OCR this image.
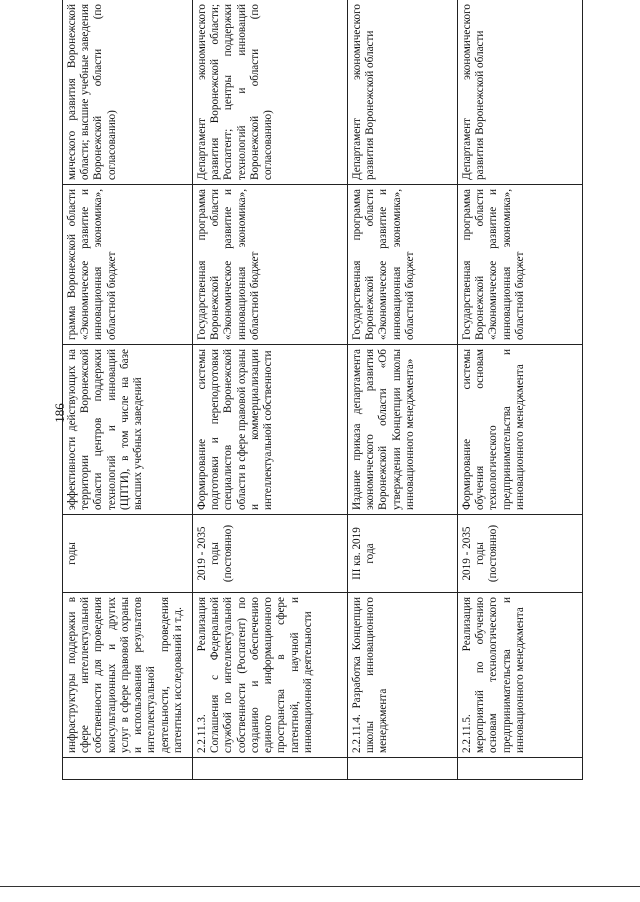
186
	инфраструктуры поддержки в сфере интеллектуальной собственности для проведения консультационных и других услуг в сфере правовой охраны и использования результатов интеллектуальной деятельности, проведения патентных исследований и т.д.	годы	эффективности действующих на территории Воронежской области центров поддержки технологий и инноваций (ЦПТИ), в том числе на базе высших учебных заведений	грамма Воронежской области «Экономическое развитие и инновационная экономика», областной бюджет	мического развития Воронежской области; высшие учебные заведения Воронежской области (по согласованию)
	2.2.11.3. Реализация Соглашения с Федеральной службой по интеллектуальной собственности (Роспатент) по созданию и обеспечению единого информационного пространства в сфере патентной, научной и инновационной деятельности	2019 - 2035 годы (постоянно)	Формирование системы подготовки и переподготовки специалистов Воронежской области в сфере правовой охраны и коммерциализации интеллектуальной собственности	Государственная программа Воронежской области «Экономическое развитие и инновационная экономика», областной бюджет	Департамент экономического развития Воронежской области; Роспатент; центры поддержки технологий и инноваций Воронежской области (по согласованию)
	2.2.11.4. Разработка Концепции школы инновационного менеджмента	III кв. 2019 года	Издание приказа департамента экономического развития Воронежской области «Об утверждении Концепции школы инновационного менеджмента»	Государственная программа Воронежской области «Экономическое развитие и инновационная экономика», областной бюджет	Департамент экономического развития Воронежской области
	2.2.11.5. Реализация мероприятий по обучению основам технологического предпринимательства и инновационного менеджмента	2019 - 2035 годы (постоянно)	Формирование системы обучения основам технологического предпринимательства и инновационного менеджмента	Государственная программа Воронежской области «Экономическое развитие и инновационная экономика», областной бюджет	Департамент экономического развития Воронежской области
